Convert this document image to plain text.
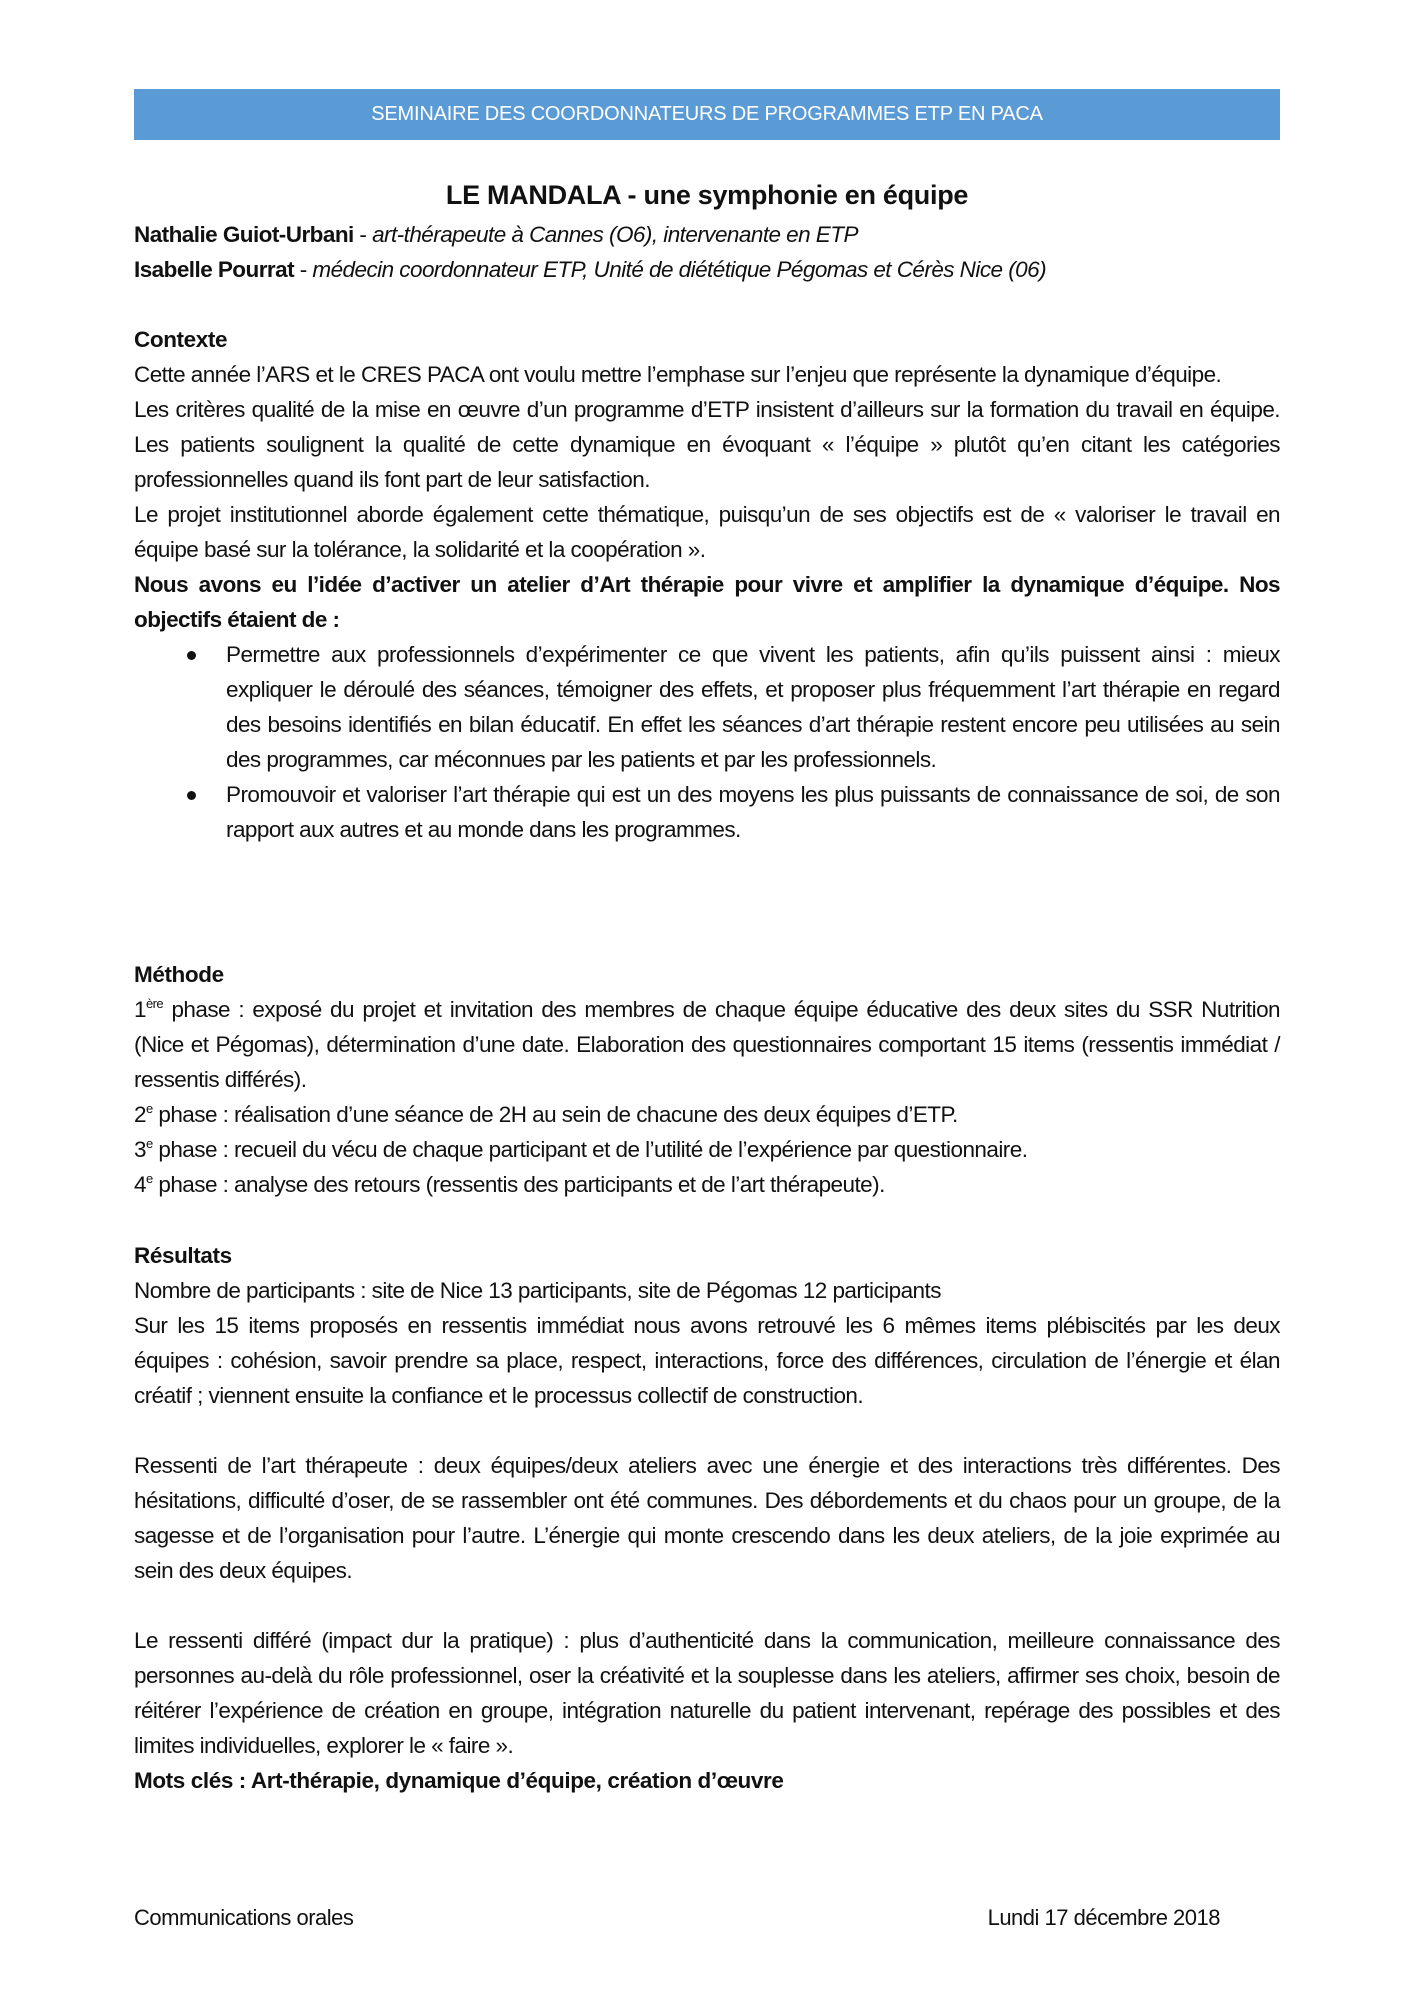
SEMINAIRE DES COORDONNATEURS DE PROGRAMMES ETP EN PACA
LE MANDALA - une symphonie en équipe
Nathalie Guiot-Urbani - art-thérapeute à Cannes (O6), intervenante en ETP
Isabelle Pourrat - médecin coordonnateur ETP, Unité de diététique Pégomas et Cérès Nice (06)

Contexte

Cette année l’ARS et le CRES PACA ont voulu mettre l’emphase sur l’enjeu que représente la dynamique d’équipe.

Les critères qualité de la mise en œuvre d’un programme d’ETP insistent d’ailleurs sur la formation du travail en équipe. Les patients soulignent la qualité de cette dynamique en évoquant « l’équipe » plutôt qu’en citant les catégories professionnelles quand ils font part de leur satisfaction.

Le projet institutionnel aborde également cette thématique, puisqu’un de ses objectifs est de « valoriser le travail en équipe basé sur la tolérance, la solidarité et la coopération ».

Nous avons eu l’idée d’activer un atelier d’Art thérapie pour vivre et amplifier la dynamique d’équipe. Nos objectifs étaient de :

Permettre aux professionnels d’expérimenter ce que vivent les patients, afin qu’ils puissent ainsi : mieux expliquer le déroulé des séances, témoigner des effets, et proposer plus fréquemment l’art thérapie en regard des besoins identifiés en bilan éducatif. En effet les séances d’art thérapie restent encore peu utilisées au sein des programmes, car méconnues par les patients et par les professionnels.

Promouvoir et valoriser l’art thérapie qui est un des moyens les plus puissants de connaissance de soi, de son rapport aux autres et au monde dans les programmes.

Méthode

1ère phase : exposé du projet et invitation des membres de chaque équipe éducative des deux sites du SSR Nutrition (Nice et Pégomas), détermination d’une date. Elaboration des questionnaires comportant 15 items (ressentis immédiat / ressentis différés).

2e phase : réalisation d’une séance de 2H au sein de chacune des deux équipes d’ETP.

3e phase : recueil du vécu de chaque participant et de l’utilité de l’expérience par questionnaire.

4e phase : analyse des retours (ressentis des participants et de l’art thérapeute).

Résultats

Nombre de participants : site de Nice 13 participants, site de Pégomas 12 participants

Sur les 15 items proposés en ressentis immédiat nous avons retrouvé les 6 mêmes items plébiscités par les deux équipes : cohésion, savoir prendre sa place, respect, interactions, force des différences, circulation de l’énergie et élan créatif ; viennent ensuite la confiance et le processus collectif de construction.

Ressenti de l’art thérapeute : deux équipes/deux ateliers avec une énergie et des interactions très différentes. Des hésitations, difficulté d’oser, de se rassembler ont été communes. Des débordements et du chaos pour un groupe, de la sagesse et de l’organisation pour l’autre. L’énergie qui monte crescendo dans les deux ateliers, de la joie exprimée au sein des deux équipes.

Le ressenti différé (impact dur la pratique) : plus d’authenticité dans la communication, meilleure connaissance des personnes au-delà du rôle professionnel, oser la créativité et la souplesse dans les ateliers, affirmer ses choix, besoin de réitérer l’expérience de création en groupe, intégration naturelle du patient intervenant, repérage des possibles et des limites individuelles, explorer le « faire ».

Mots clés : Art-thérapie, dynamique d’équipe, création d’œuvre

Communications orales	Lundi 17 décembre 2018
